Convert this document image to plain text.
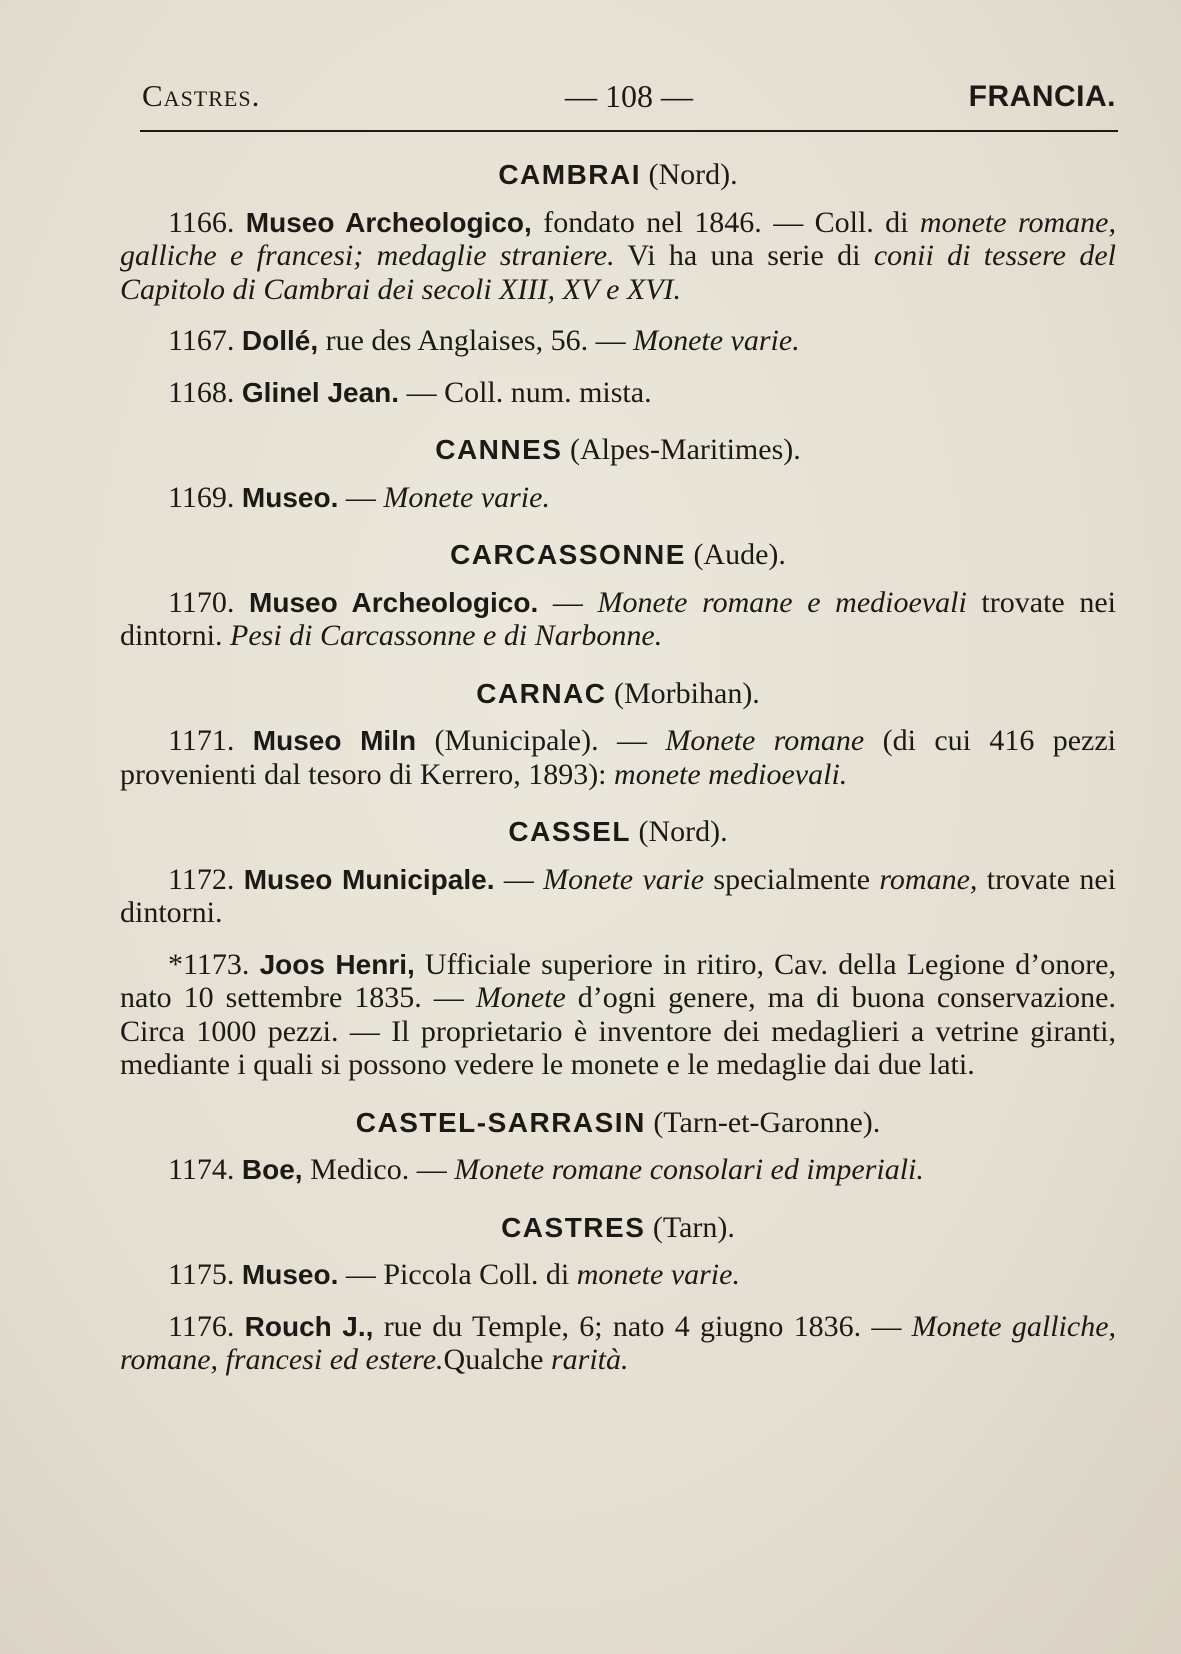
Castres.	— 108 —	FRANCIA.

CAMBRAI (Nord).

1166. Museo Archeologico, fondato nel 1846. — Coll. di monete romane, galliche e francesi; medaglie straniere. Vi ha una serie di conii di tessere del Capitolo di Cambrai dei secoli XIII, XV e XVI.

1167. Dollé, rue des Anglaises, 56. — Monete varie.

1168. Glinel Jean. — Coll. num. mista.

CANNES (Alpes-Maritimes).

1169. Museo. — Monete varie.

CARCASSONNE (Aude).

1170. Museo Archeologico. — Monete romane e medioevali trovate nei dintorni. Pesi di Carcassonne e di Narbonne.

CARNAC (Morbihan).

1171. Museo Miln (Municipale). — Monete romane (di cui 416 pezzi provenienti dal tesoro di Kerrero, 1893): monete medioevali.

CASSEL (Nord).

1172. Museo Municipale. — Monete varie specialmente romane, trovate nei dintorni.

*1173. Joos Henri, Ufficiale superiore in ritiro, Cav. della Legione d’onore, nato 10 settembre 1835. — Monete d’ogni genere, ma di buona conservazione. Circa 1000 pezzi. — Il proprietario è inventore dei medaglieri a vetrine giranti, mediante i quali si possono vedere le monete e le medaglie dai due lati.

CASTEL-SARRASIN (Tarn-et-Garonne).

1174. Boe, Medico. — Monete romane consolari ed imperiali.

CASTRES (Tarn).

1175. Museo. — Piccola Coll. di monete varie.

1176. Rouch J., rue du Temple, 6; nato 4 giugno 1836. — Monete galliche, romane, francesi ed estere.Qualche rarità.
